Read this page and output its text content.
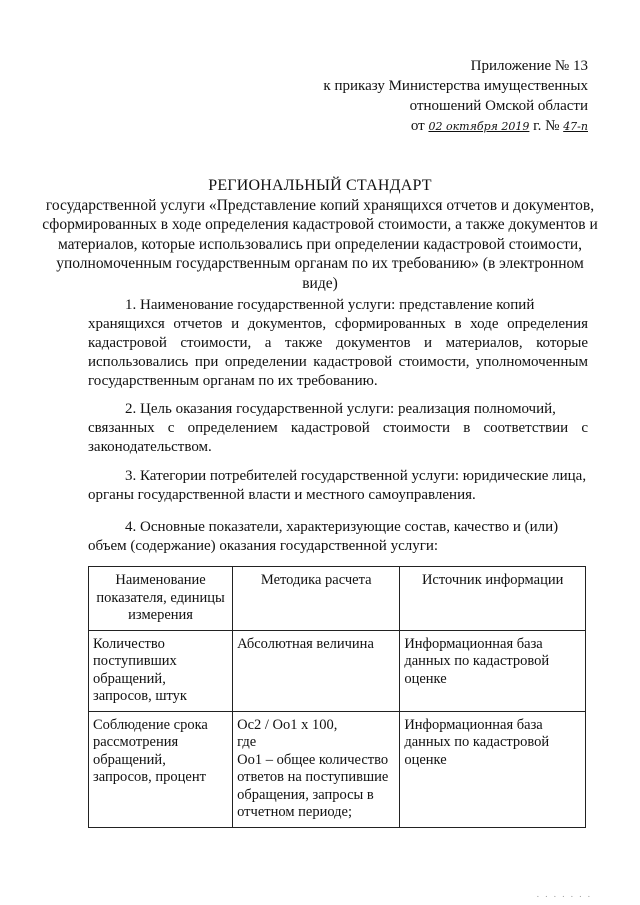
Приложение № 13
к приказу Министерства имущественных
отношений Омской области
от 02 октября 2019 г. № 47-п
РЕГИОНАЛЬНЫЙ СТАНДАРТ
государственной услуги «Представление копий хранящихся отчетов и документов, сформированных в ходе определения кадастровой стоимости, а также документов и материалов, которые использовались при определении кадастровой стоимости, уполномоченным государственным органам по их требованию» (в электронном виде)

1. Наименование государственной услуги: представление копий
хранящихся отчетов и документов, сформированных в ходе определения кадастровой стоимости, а также документов и материалов, которые использовались при определении кадастровой стоимости, уполномоченным государственным органам по их требованию.

2. Цель оказания государственной услуги: реализация полномочий,
связанных с определением кадастровой стоимости в соответствии с законодательством.

3. Категории потребителей государственной услуги: юридические лица,
органы государственной власти и местного самоуправления.

4. Основные показатели, характеризующие состав, качество и (или)
объем (содержание) оказания государственной услуги:

Наименование показателя, единицы измерения	Методика расчета	Источник информации
Количество поступивших обращений, запросов, штук	Абсолютная величина	Информационная база данных по кадастровой оценке
Соблюдение срока рассмотрения обращений, запросов, процент	Ос2 / Оо1 x 100,
где
Оо1 – общее количество ответов на поступившие обращения, запросы в отчетном периоде;	Информационная база данных по кадастровой оценке
. . . . . . .
